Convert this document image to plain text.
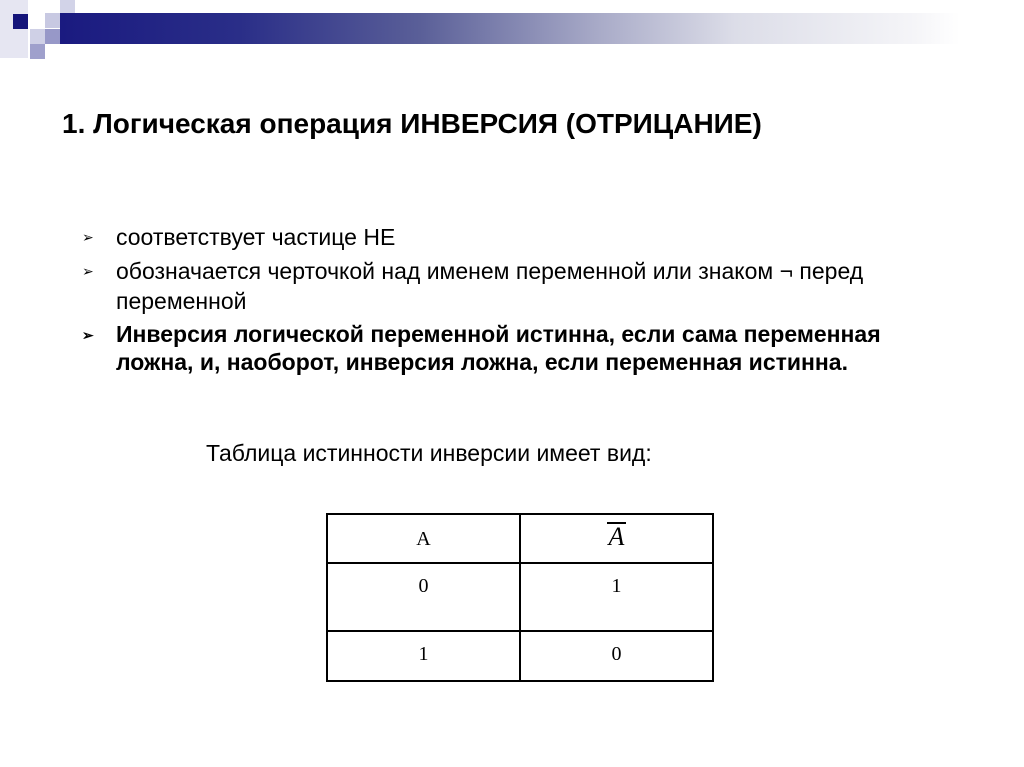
1. Логическая операция ИНВЕРСИЯ (ОТРИЦАНИЕ)
➢ соответствует частице НЕ
➢ обозначается черточкой над именем переменной или знаком ¬ перед переменной
➢ Инверсия логической переменной истинна, если сама переменная ложна, и, наоборот, инверсия ложна, если переменная истинна.
Таблица истинности инверсии имеет вид:
A	A
0	1
1	0
